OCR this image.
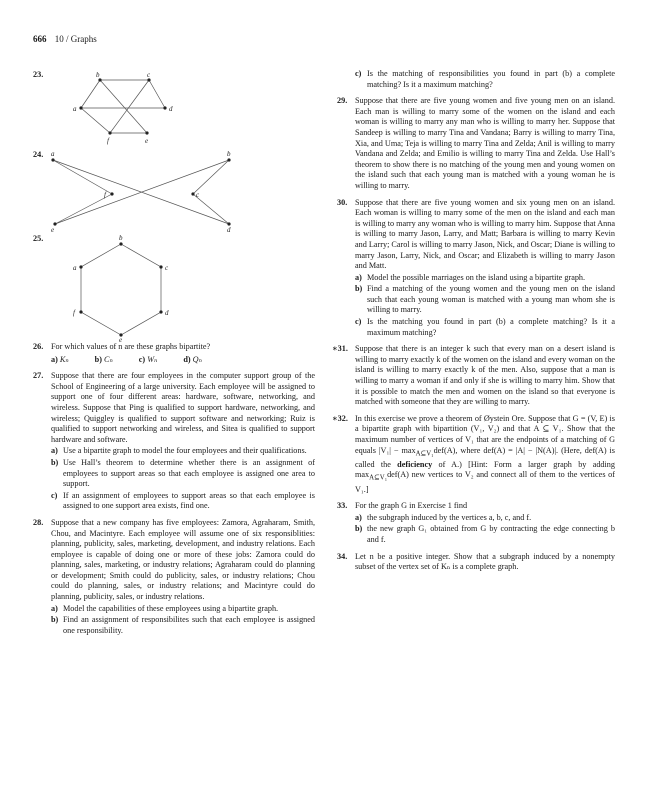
666 10 / Graphs
23.	b	c
a	d
f	e
24. a	b
f	c
e	d
25.	b
c
d
e
f
a
26. For which values of n are these graphs bipartite?
a) Kₙ	b) Cₙ	c) Wₙ	d) Qₙ
27. Suppose that there are four employees in the computer support group of the School of Engineering of a large university. Each employee will be assigned to support one of four different areas: hardware, software, networking, and wireless. Suppose that Ping is qualified to support hardware, networking, and wireless; Quiggley is qualified to support software and networking; Ruiz is qualified to support networking and wireless, and Sitea is qualified to support hardware and software.
a) Use a bipartite graph to model the four employees and their qualifications.
b) Use Hall’s theorem to determine whether there is an assignment of employees to support areas so that each employee is assigned one area to support.
c) If an assignment of employees to support areas so that each employee is assigned to one support area exists, find one.
28. Suppose that a new company has five employees: Zamora, Agraharam, Smith, Chou, and Macintyre. Each employee will assume one of six responsiblities: planning, publicity, sales, marketing, development, and industry relations. Each employee is capable of doing one or more of these jobs: Zamora could do planning, sales, marketing, or industry relations; Agraharam could do planning or development; Smith could do publicity, sales, or industry relations; Chou could do planning, sales, or industry relations; and Macintyre could do planning, publicity, sales, or industry relations.
a) Model the capabilities of these employees using a bipartite graph.
b) Find an assignment of responsibilites such that each employee is assigned one responsibility.
c) Is the matching of responsibilities you found in part (b) a complete matching? Is it a maximum matching?
29. Suppose that there are five young women and five young men on an island. Each man is willing to marry some of the women on the island and each woman is willing to marry any man who is willing to marry her. Suppose that Sandeep is willing to marry Tina and Vandana; Barry is willing to marry Tina, Xia, and Uma; Teja is willing to marry Tina and Zelda; Anil is willing to marry Vandana and Zelda; and Emilio is willing to marry Tina and Zelda. Use Hall’s theorem to show there is no matching of the young men and young women on the island such that each young man is matched with a young woman he is willing to marry.
30. Suppose that there are five young women and six young men on an island. Each woman is willing to marry some of the men on the island and each man is willing to marry any woman who is willing to marry him. Suppose that Anna is willing to marry Jason, Larry, and Matt; Barbara is willing to marry Kevin and Larry; Carol is willing to marry Jason, Nick, and Oscar; Diane is willing to marry Jason, Larry, Nick, and Oscar; and Elizabeth is willing to marry Jason and Matt.
a) Model the possible marriages on the island using a bipartite graph.
b) Find a matching of the young women and the young men on the island such that each young woman is matched with a young man whom she is willing to marry.
c) Is the matching you found in part (b) a complete matching? Is it a maximum matching?
∗31. Suppose that there is an integer k such that every man on a desert island is willing to marry exactly k of the women on the island and every woman on the island is willing to marry exactly k of the men. Also, suppose that a man is willing to marry a woman if and only if she is willing to marry him. Show that it is possible to match the men and women on the island so that everyone is matched with someone that they are willing to marry.
∗32. In this exercise we prove a theorem of Øystein Ore. Suppose that G = (V, E) is a bipartite graph with bipartition (V₁, V₂) and that A ⊆ V₁. Show that the maximum number of vertices of V₁ that are the endpoints of a matching of G equals $|V_1| - \max_{A⊆V_1}def(A)$, where def(A) = |A| − |N(A)|. (Here, def(A) is called the deficiency of A.) [Hint: Form a larger graph by adding $\max_{A⊆V_1}def(A)$ new vertices to V₂ and connect all of them to the vertices of V₁.]
33. For the graph G in Exercise 1 find
a) the subgraph induced by the vertices a, b, c, and f.
b) the new graph G₁ obtained from G by contracting the edge connecting b and f.
34. Let n be a positive integer. Show that a subgraph induced by a nonempty subset of the vertex set of Kₙ is a complete graph.
